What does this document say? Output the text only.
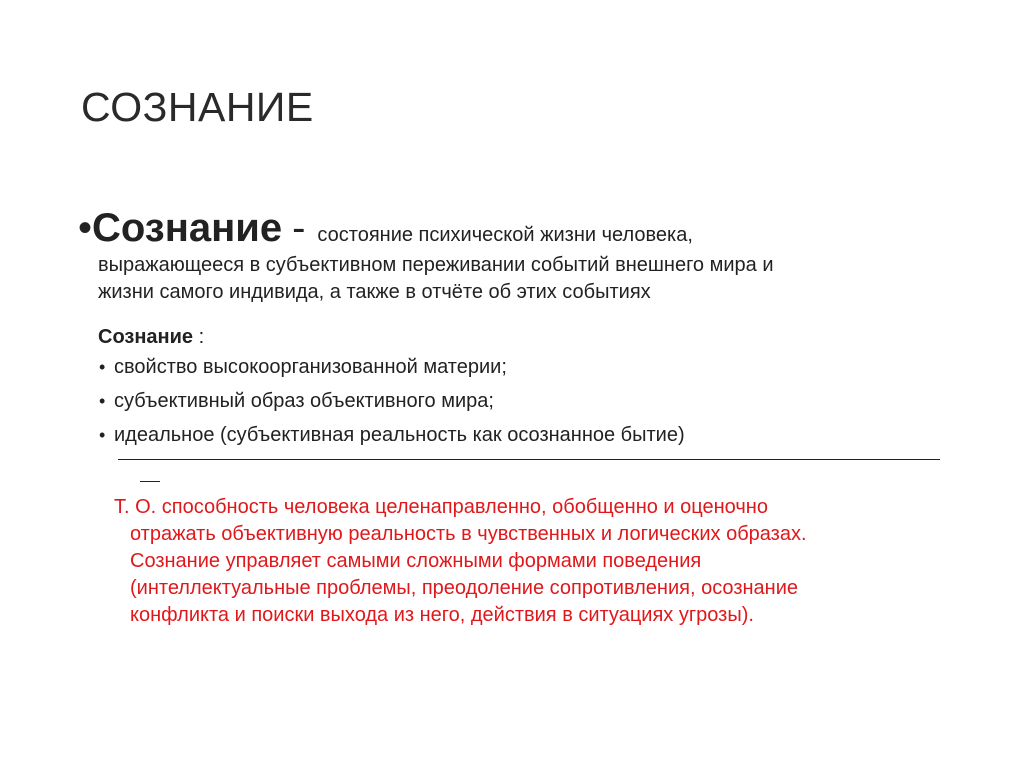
СОЗНАНИЕ
• Сознание - состояние психической жизни человека,
выражающееся в субъективном переживании событий внешнего мира и
жизни самого индивида, а также в отчёте об этих событиях
Сознание :
• свойство высокоорганизованной материи;
• субъективный образ объективного мира;
• идеальное (субъективная реальность как осознанное бытие)
Т. О. способность человека целенаправленно, обобщенно и оценочно
отражать объективную реальность в чувственных и логических образах.
Сознание управляет самыми сложными формами поведения
(интеллектуальные проблемы, преодоление сопротивления, осознание
конфликта и поиски выхода из него, действия в ситуациях угрозы).
